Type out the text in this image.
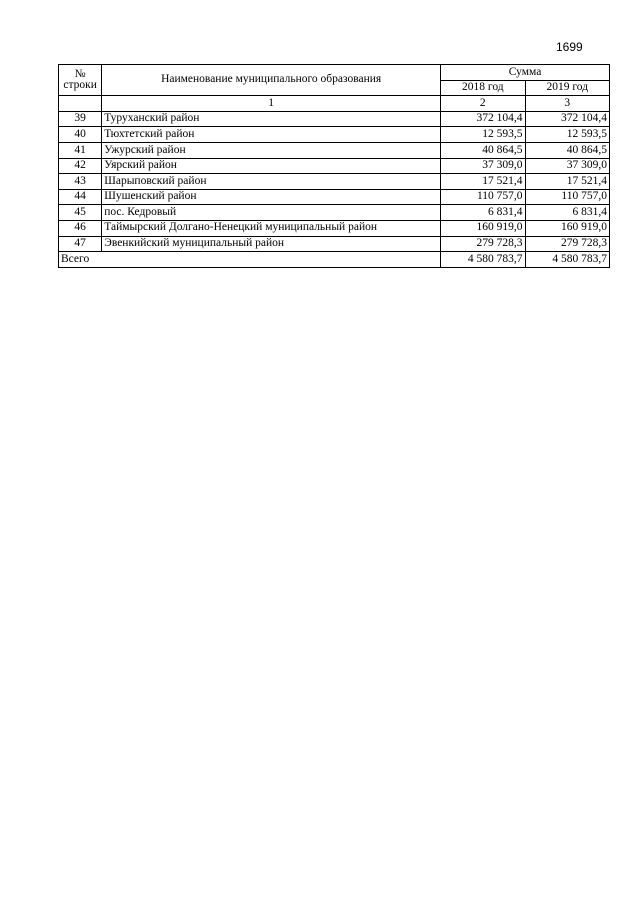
1699
№
строки	Наименование муниципального образования	Сумма	
		2018 год	2019 год
	1	2	3
39	Туруханский район	372 104,4	372 104,4
40	Тюхтетский район	12 593,5	12 593,5
41	Ужурский район	40 864,5	40 864,5
42	Уярский район	37 309,0	37 309,0
43	Шарыповский район	17 521,4	17 521,4
44	Шушенский район	110 757,0	110 757,0
45	пос. Кедровый	6 831,4	6 831,4
46	Таймырский Долгано-Ненецкий муниципальный район	160 919,0	160 919,0
47	Эвенкийский муниципальный район	279 728,3	279 728,3
Всего		4 580 783,7	4 580 783,7
